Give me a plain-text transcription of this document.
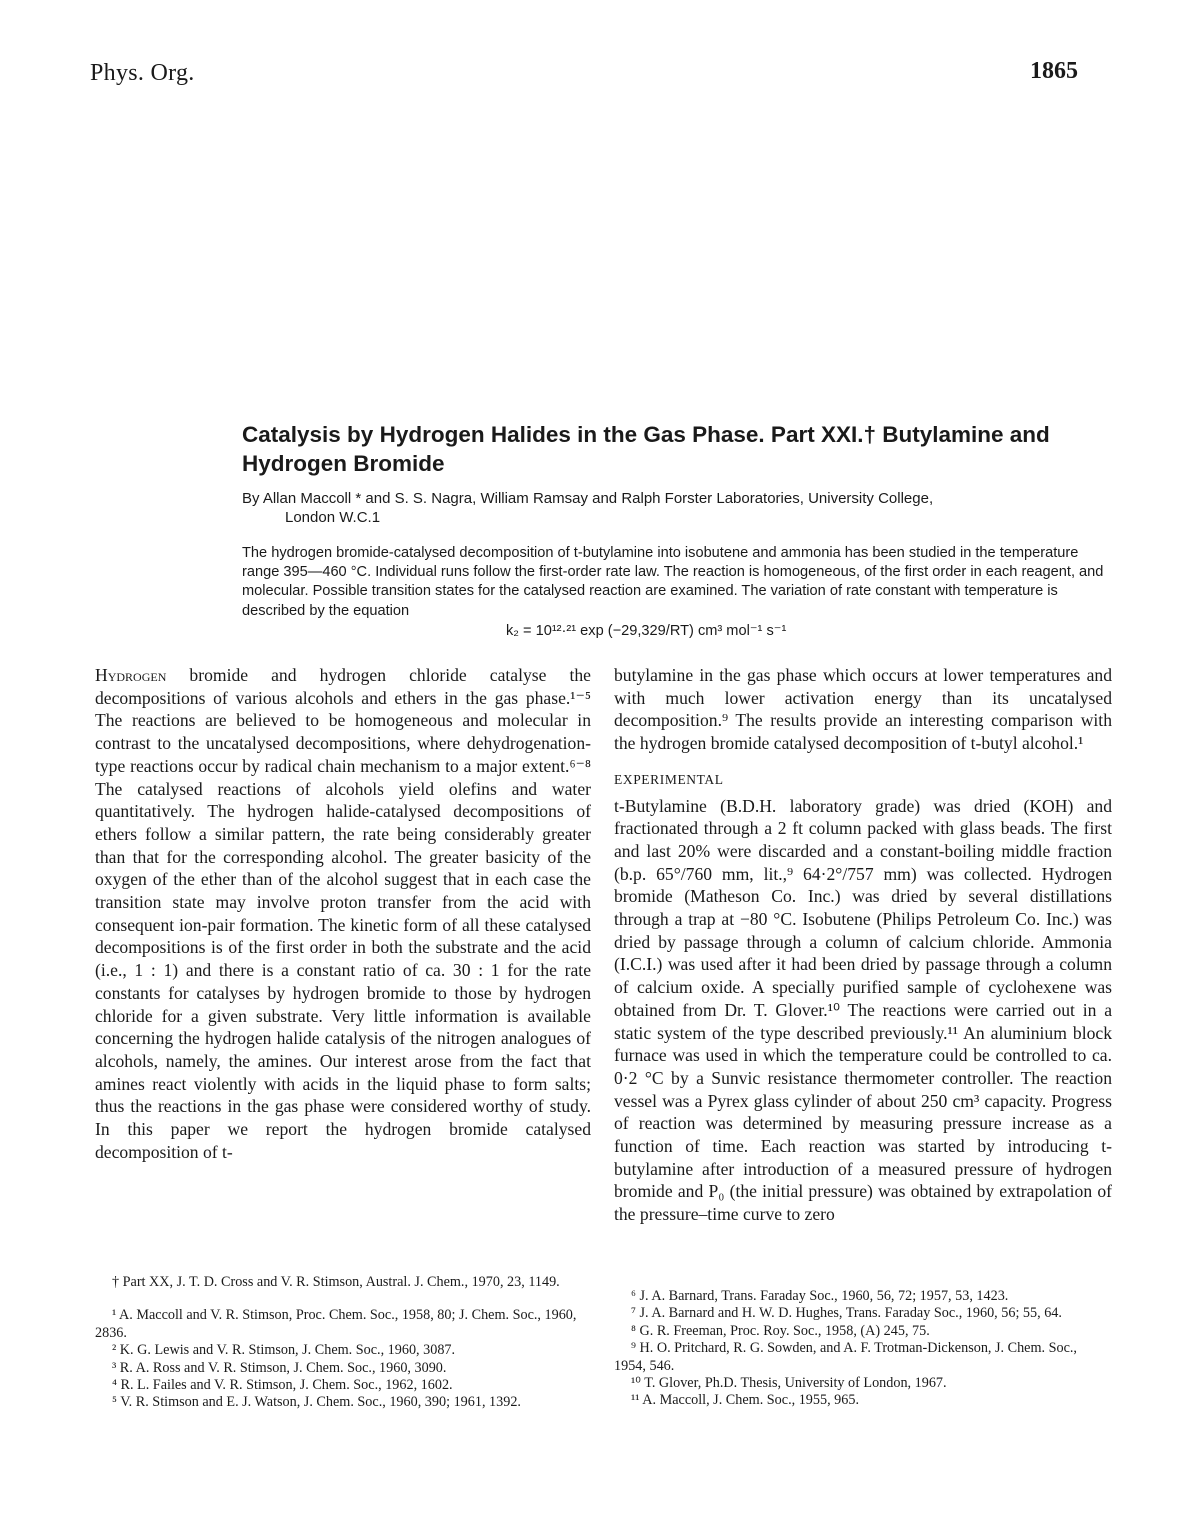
Phys. Org.	1865
Catalysis by Hydrogen Halides in the Gas Phase. Part XXI.† Butylamine and Hydrogen Bromide
By Allan Maccoll * and S. S. Nagra, William Ramsay and Ralph Forster Laboratories, University College,
London W.C.1

The hydrogen bromide-catalysed decomposition of t-butylamine into isobutene and ammonia has been studied in the temperature range 395—460 °C. Individual runs follow the first-order rate law. The reaction is homogeneous, of the first order in each reagent, and molecular. Possible transition states for the catalysed reaction are examined. The variation of rate constant with temperature is described by the equation

k₂ = 10¹²·²¹ exp (−29,329/RT) cm³ mol⁻¹ s⁻¹

Hydrogen bromide and hydrogen chloride catalyse the decompositions of various alcohols and ethers in the gas phase.¹⁻⁵ The reactions are believed to be homogeneous and molecular in contrast to the uncatalysed decompositions, where dehydrogenation-type reactions occur by radical chain mechanism to a major extent.⁶⁻⁸ The catalysed reactions of alcohols yield olefins and water quantitatively. The hydrogen halide-catalysed decompositions of ethers follow a similar pattern, the rate being considerably greater than that for the corresponding alcohol. The greater basicity of the oxygen of the ether than of the alcohol suggest that in each case the transition state may involve proton transfer from the acid with consequent ion-pair formation. The kinetic form of all these catalysed decompositions is of the first order in both the substrate and the acid (i.e., 1 : 1) and there is a constant ratio of ca. 30 : 1 for the rate constants for catalyses by hydrogen bromide to those by hydrogen chloride for a given substrate. Very little information is available concerning the hydrogen halide catalysis of the nitrogen analogues of alcohols, namely, the amines. Our interest arose from the fact that amines react violently with acids in the liquid phase to form salts; thus the reactions in the gas phase were considered worthy of study. In this paper we report the hydrogen bromide catalysed decomposition of t-

butylamine in the gas phase which occurs at lower temperatures and with much lower activation energy than its uncatalysed decomposition.⁹ The results provide an interesting comparison with the hydrogen bromide catalysed decomposition of t-butyl alcohol.¹

EXPERIMENTAL

t-Butylamine (B.D.H. laboratory grade) was dried (KOH) and fractionated through a 2 ft column packed with glass beads. The first and last 20% were discarded and a constant-boiling middle fraction (b.p. 65°/760 mm, lit.,⁹ 64·2°/757 mm) was collected. Hydrogen bromide (Matheson Co. Inc.) was dried by several distillations through a trap at −80 °C. Isobutene (Philips Petroleum Co. Inc.) was dried by passage through a column of calcium chloride. Ammonia (I.C.I.) was used after it had been dried by passage through a column of calcium oxide. A specially purified sample of cyclohexene was obtained from Dr. T. Glover.¹⁰ The reactions were carried out in a static system of the type described previously.¹¹ An aluminium block furnace was used in which the temperature could be controlled to ca. 0·2 °C by a Sunvic resistance thermometer controller. The reaction vessel was a Pyrex glass cylinder of about 250 cm³ capacity. Progress of reaction was determined by measuring pressure increase as a function of time. Each reaction was started by introducing t-butylamine after introduction of a measured pressure of hydrogen bromide and P₀ (the initial pressure) was obtained by extrapolation of the pressure–time curve to zero

† Part XX, J. T. D. Cross and V. R. Stimson, Austral. J. Chem., 1970, 23, 1149.
¹ A. Maccoll and V. R. Stimson, Proc. Chem. Soc., 1958, 80; J. Chem. Soc., 1960, 2836.
² K. G. Lewis and V. R. Stimson, J. Chem. Soc., 1960, 3087.
³ R. A. Ross and V. R. Stimson, J. Chem. Soc., 1960, 3090.
⁴ R. L. Failes and V. R. Stimson, J. Chem. Soc., 1962, 1602.
⁵ V. R. Stimson and E. J. Watson, J. Chem. Soc., 1960, 390; 1961, 1392.
⁶ J. A. Barnard, Trans. Faraday Soc., 1960, 56, 72; 1957, 53, 1423.
⁷ J. A. Barnard and H. W. D. Hughes, Trans. Faraday Soc., 1960, 56; 55, 64.
⁸ G. R. Freeman, Proc. Roy. Soc., 1958, (A) 245, 75.
⁹ H. O. Pritchard, R. G. Sowden, and A. F. Trotman-Dickenson, J. Chem. Soc., 1954, 546.
¹⁰ T. Glover, Ph.D. Thesis, University of London, 1967.
¹¹ A. Maccoll, J. Chem. Soc., 1955, 965.
